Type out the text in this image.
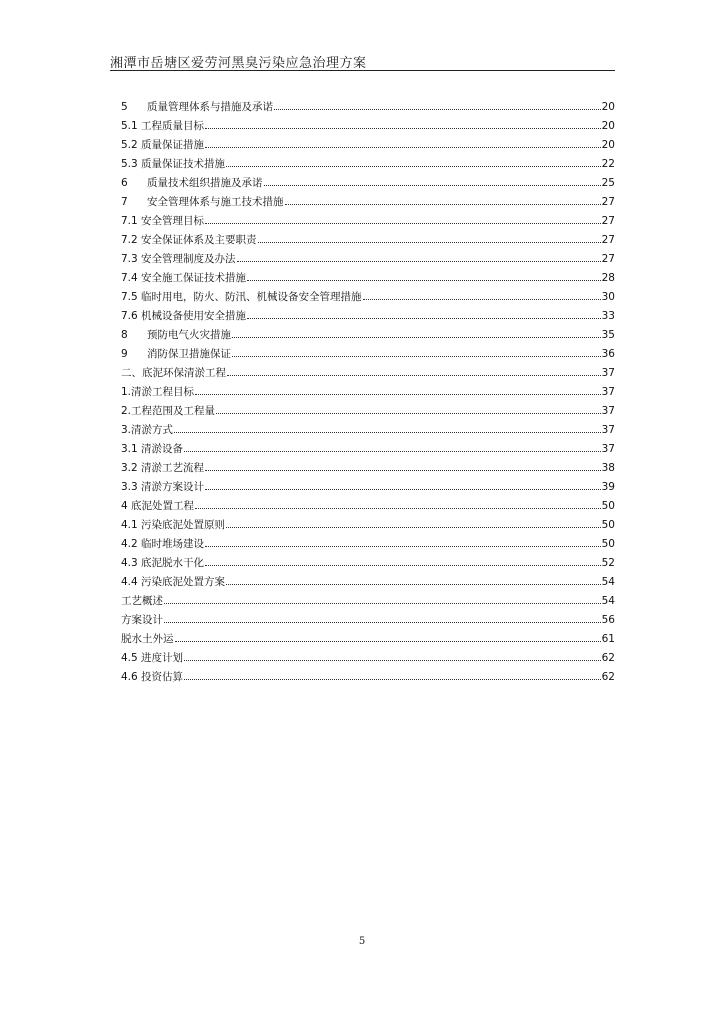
湘潭市岳塘区爱劳河黑臭污染应急治理方案
5	质量管理体系与措施及承诺	20
5.1 工程质量目标	20
5.2 质量保证措施	20
5.3 质量保证技术措施	22
6	质量技术组织措施及承诺	25
7	安全管理体系与施工技术措施	27
7.1 安全管理目标	27
7.2 安全保证体系及主要职责	27
7.3 安全管理制度及办法	27
7.4 安全施工保证技术措施	28
7.5 临时用电，防火、防汛、机械设备安全管理措施	30
7.6 机械设备使用安全措施	33
8	预防电气火灾措施	35
9	消防保卫措施保证	36
二、底泥环保清淤工程	37
1.清淤工程目标	37
2.工程范围及工程量	37
3.清淤方式	37
3.1 清淤设备	37
3.2 清淤工艺流程	38
3.3 清淤方案设计	39
4 底泥处置工程	50
4.1 污染底泥处置原则	50
4.2 临时堆场建设	50
4.3 底泥脱水干化	52
4.4 污染底泥处置方案	54
工艺概述	54
方案设计	56
脱水土外运	61
4.5 进度计划	62
4.6 投资估算	62
5
